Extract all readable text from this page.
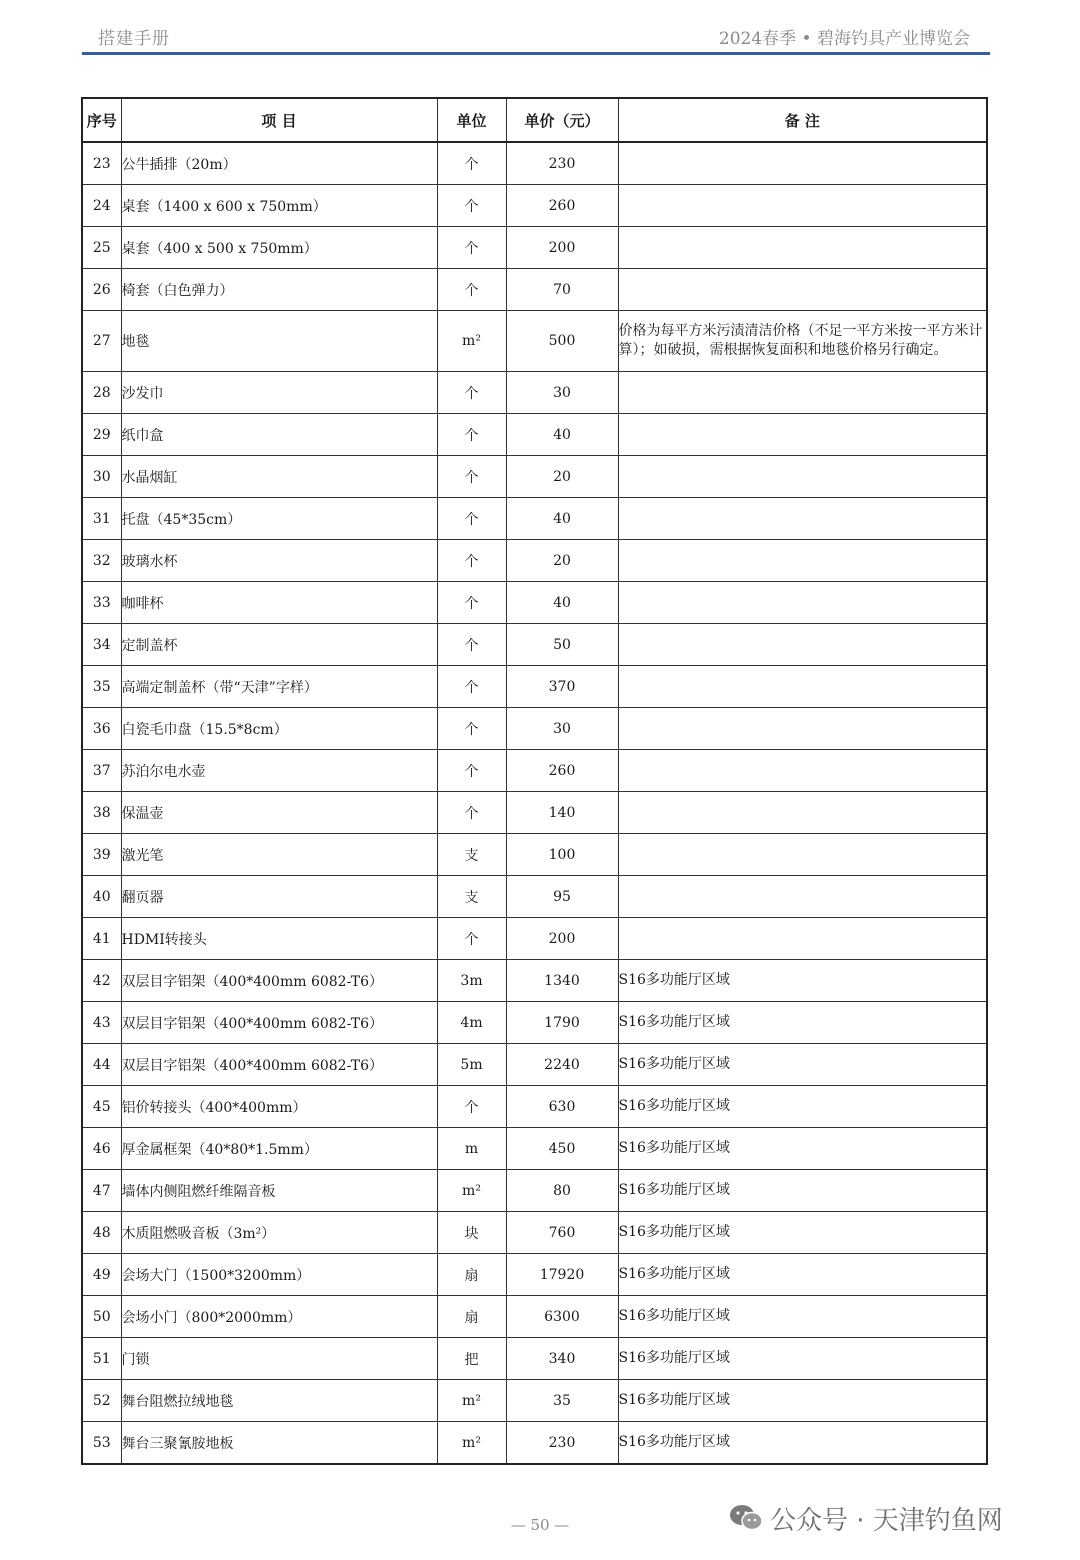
搭建手册	2024春季 • 碧海钓具产业博览会
序号	项 目	单位	单价（元）	备 注
23	公牛插排（20m）	个	230	
24	桌套（1400 x 600 x 750mm）	个	260	
25	桌套（400 x 500 x 750mm）	个	200	
26	椅套（白色弹力）	个	70	
27	地毯	m²	500	价格为每平方米污渍清洁价格（不足一平方米按一平方米计算）；如破损，需根据恢复面积和地毯价格另行确定。
28	沙发巾	个	30	
29	纸巾盒	个	40	
30	水晶烟缸	个	20	
31	托盘（45*35cm）	个	40	
32	玻璃水杯	个	20	
33	咖啡杯	个	40	
34	定制盖杯	个	50	
35	高端定制盖杯（带“天津”字样）	个	370	
36	白瓷毛巾盘（15.5*8cm）	个	30	
37	苏泊尔电水壶	个	260	
38	保温壶	个	140	
39	激光笔	支	100	
40	翻页器	支	95	
41	HDMI转接头	个	200	
42	双层目字铝架（400*400mm 6082-T6）	3m	1340	S16多功能厅区域
43	双层目字铝架（400*400mm 6082-T6）	4m	1790	S16多功能厅区域
44	双层目字铝架（400*400mm 6082-T6）	5m	2240	S16多功能厅区域
45	铝价转接头（400*400mm）	个	630	S16多功能厅区域
46	厚金属框架（40*80*1.5mm）	m	450	S16多功能厅区域
47	墙体内侧阻燃纤维隔音板	m²	80	S16多功能厅区域
48	木质阻燃吸音板（3m²）	块	760	S16多功能厅区域
49	会场大门（1500*3200mm）	扇	17920	S16多功能厅区域
50	会场小门（800*2000mm）	扇	6300	S16多功能厅区域
51	门锁	把	340	S16多功能厅区域
52	舞台阻燃拉绒地毯	m²	35	S16多功能厅区域
53	舞台三聚氰胺地板	m²	230	S16多功能厅区域
— 50 —	公众号 · 天津钓鱼网
